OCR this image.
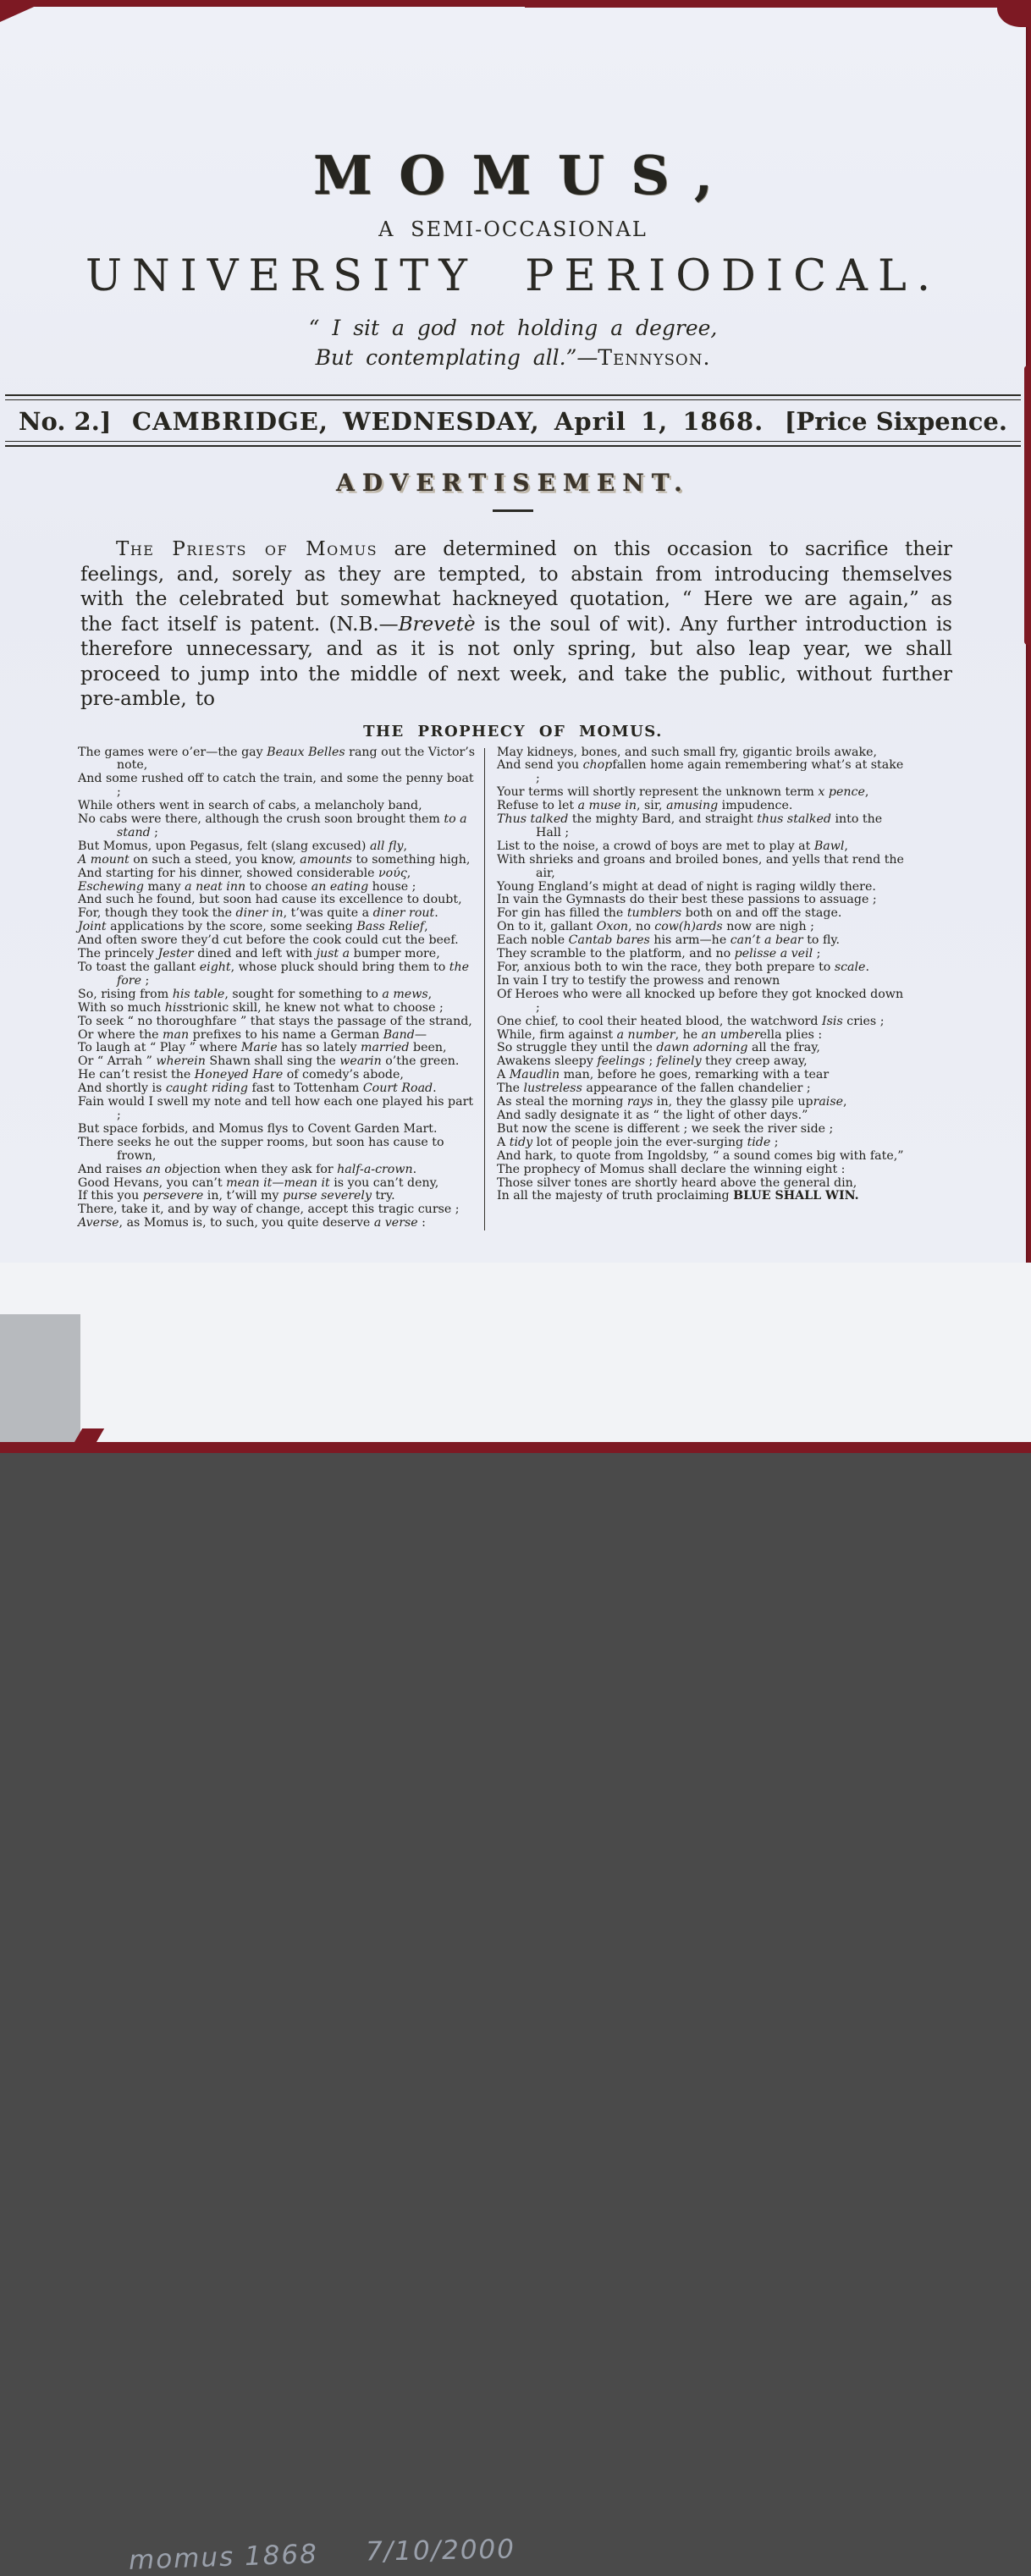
MOMUS,
A SEMI-OCCASIONAL
UNIVERSITY PERIODICAL.
“ I sit a god not holding a degree,
But contemplating all.”—Tennyson.
No. 2.] CAMBRIDGE, WEDNESDAY, April 1, 1868. [Price Sixpence.
ADVERTISEMENT.

The Priests of Momus are determined on this occasion to sacrifice their feelings, and, sorely as they are tempted, to abstain from introducing themselves with the celebrated but somewhat hackneyed quotation, “ Here we are again,” as the fact itself is patent. (N.B.—Brevetè is the soul of wit). Any further introduction is therefore unnecessary, and as it is not only spring, but also leap year, we shall proceed to jump into the middle of next week, and take the public, without further pre-amble, to

THE PROPHECY OF MOMUS.
The games were o’er—the gay Beaux Belles rang out the Victor’s note,
And some rushed off to catch the train, and some the penny boat ;
While others went in search of cabs, a melancholy band,
No cabs were there, although the crush soon brought them to a stand ;
But Momus, upon Pegasus, felt (slang excused) all fly,
A mount on such a steed, you know, amounts to something high,
And starting for his dinner, showed considerable νούς,
Eschewing many a neat inn to choose an eating house ;
And such he found, but soon had cause its excellence to doubt,
For, though they took the diner in, t’was quite a diner rout.
Joint applications by the score, some seeking Bass Relief,
And often swore they’d cut before the cook could cut the beef.
The princely Jester dined and left with just a bumper more,
To toast the gallant eight, whose pluck should bring them to the fore ;
So, rising from his table, sought for something to a mews,
With so much hisstrionic skill, he knew not what to choose ;
To seek “ no thoroughfare ” that stays the passage of the strand,
Or where the man prefixes to his name a German Band—
To laugh at “ Play ” where Marie has so lately married been,
Or “ Arrah ” wherein Shawn shall sing the wearin o’the green.
He can’t resist the Honeyed Hare of comedy’s abode,
And shortly is caught riding fast to Tottenham Court Road.
Fain would I swell my note and tell how each one played his part ;
But space forbids, and Momus flys to Covent Garden Mart.
There seeks he out the supper rooms, but soon has cause to frown,
And raises an objection when they ask for half-a-crown.
Good Hevans, you can’t mean it—mean it is you can’t deny,
If this you persevere in, t’will my purse severely try.
There, take it, and by way of change, accept this tragic curse ;
Averse, as Momus is, to such, you quite deserve a verse :
May kidneys, bones, and such small fry, gigantic broils awake,
And send you chopfallen home again remembering what’s at stake ;
Your terms will shortly represent the unknown term x pence,
Refuse to let a muse in, sir, amusing impudence.
Thus talked the mighty Bard, and straight thus stalked into the Hall ;
List to the noise, a crowd of boys are met to play at Bawl,
With shrieks and groans and broiled bones, and yells that rend the air,
Young England’s might at dead of night is raging wildly there.
In vain the Gymnasts do their best these passions to assuage ;
For gin has filled the tumblers both on and off the stage.
On to it, gallant Oxon, no cow(h)ards now are nigh ;
Each noble Cantab bares his arm—he can’t a bear to fly.
They scramble to the platform, and no pelisse a veil ;
For, anxious both to win the race, they both prepare to scale.
In vain I try to testify the prowess and renown
Of Heroes who were all knocked up before they got knocked down ;
One chief, to cool their heated blood, the watchword Isis cries ;
While, firm against a number, he an umberella plies :
So struggle they until the dawn adorning all the fray,
Awakens sleepy feelings ; felinely they creep away,
A Maudlin man, before he goes, remarking with a tear
The lustreless appearance of the fallen chandelier ;
As steal the morning rays in, they the glassy pile upraise,
And sadly designate it as “ the light of other days.”
But now the scene is different ; we seek the river side ;
A tidy lot of people join the ever-surging tide ;
And hark, to quote from Ingoldsby, “ a sound comes big with fate,”
The prophecy of Momus shall declare the winning eight :
Those silver tones are shortly heard above the general din,
In all the majesty of truth proclaiming BLUE SHALL WIN.
momus 1868 7/10/2000
